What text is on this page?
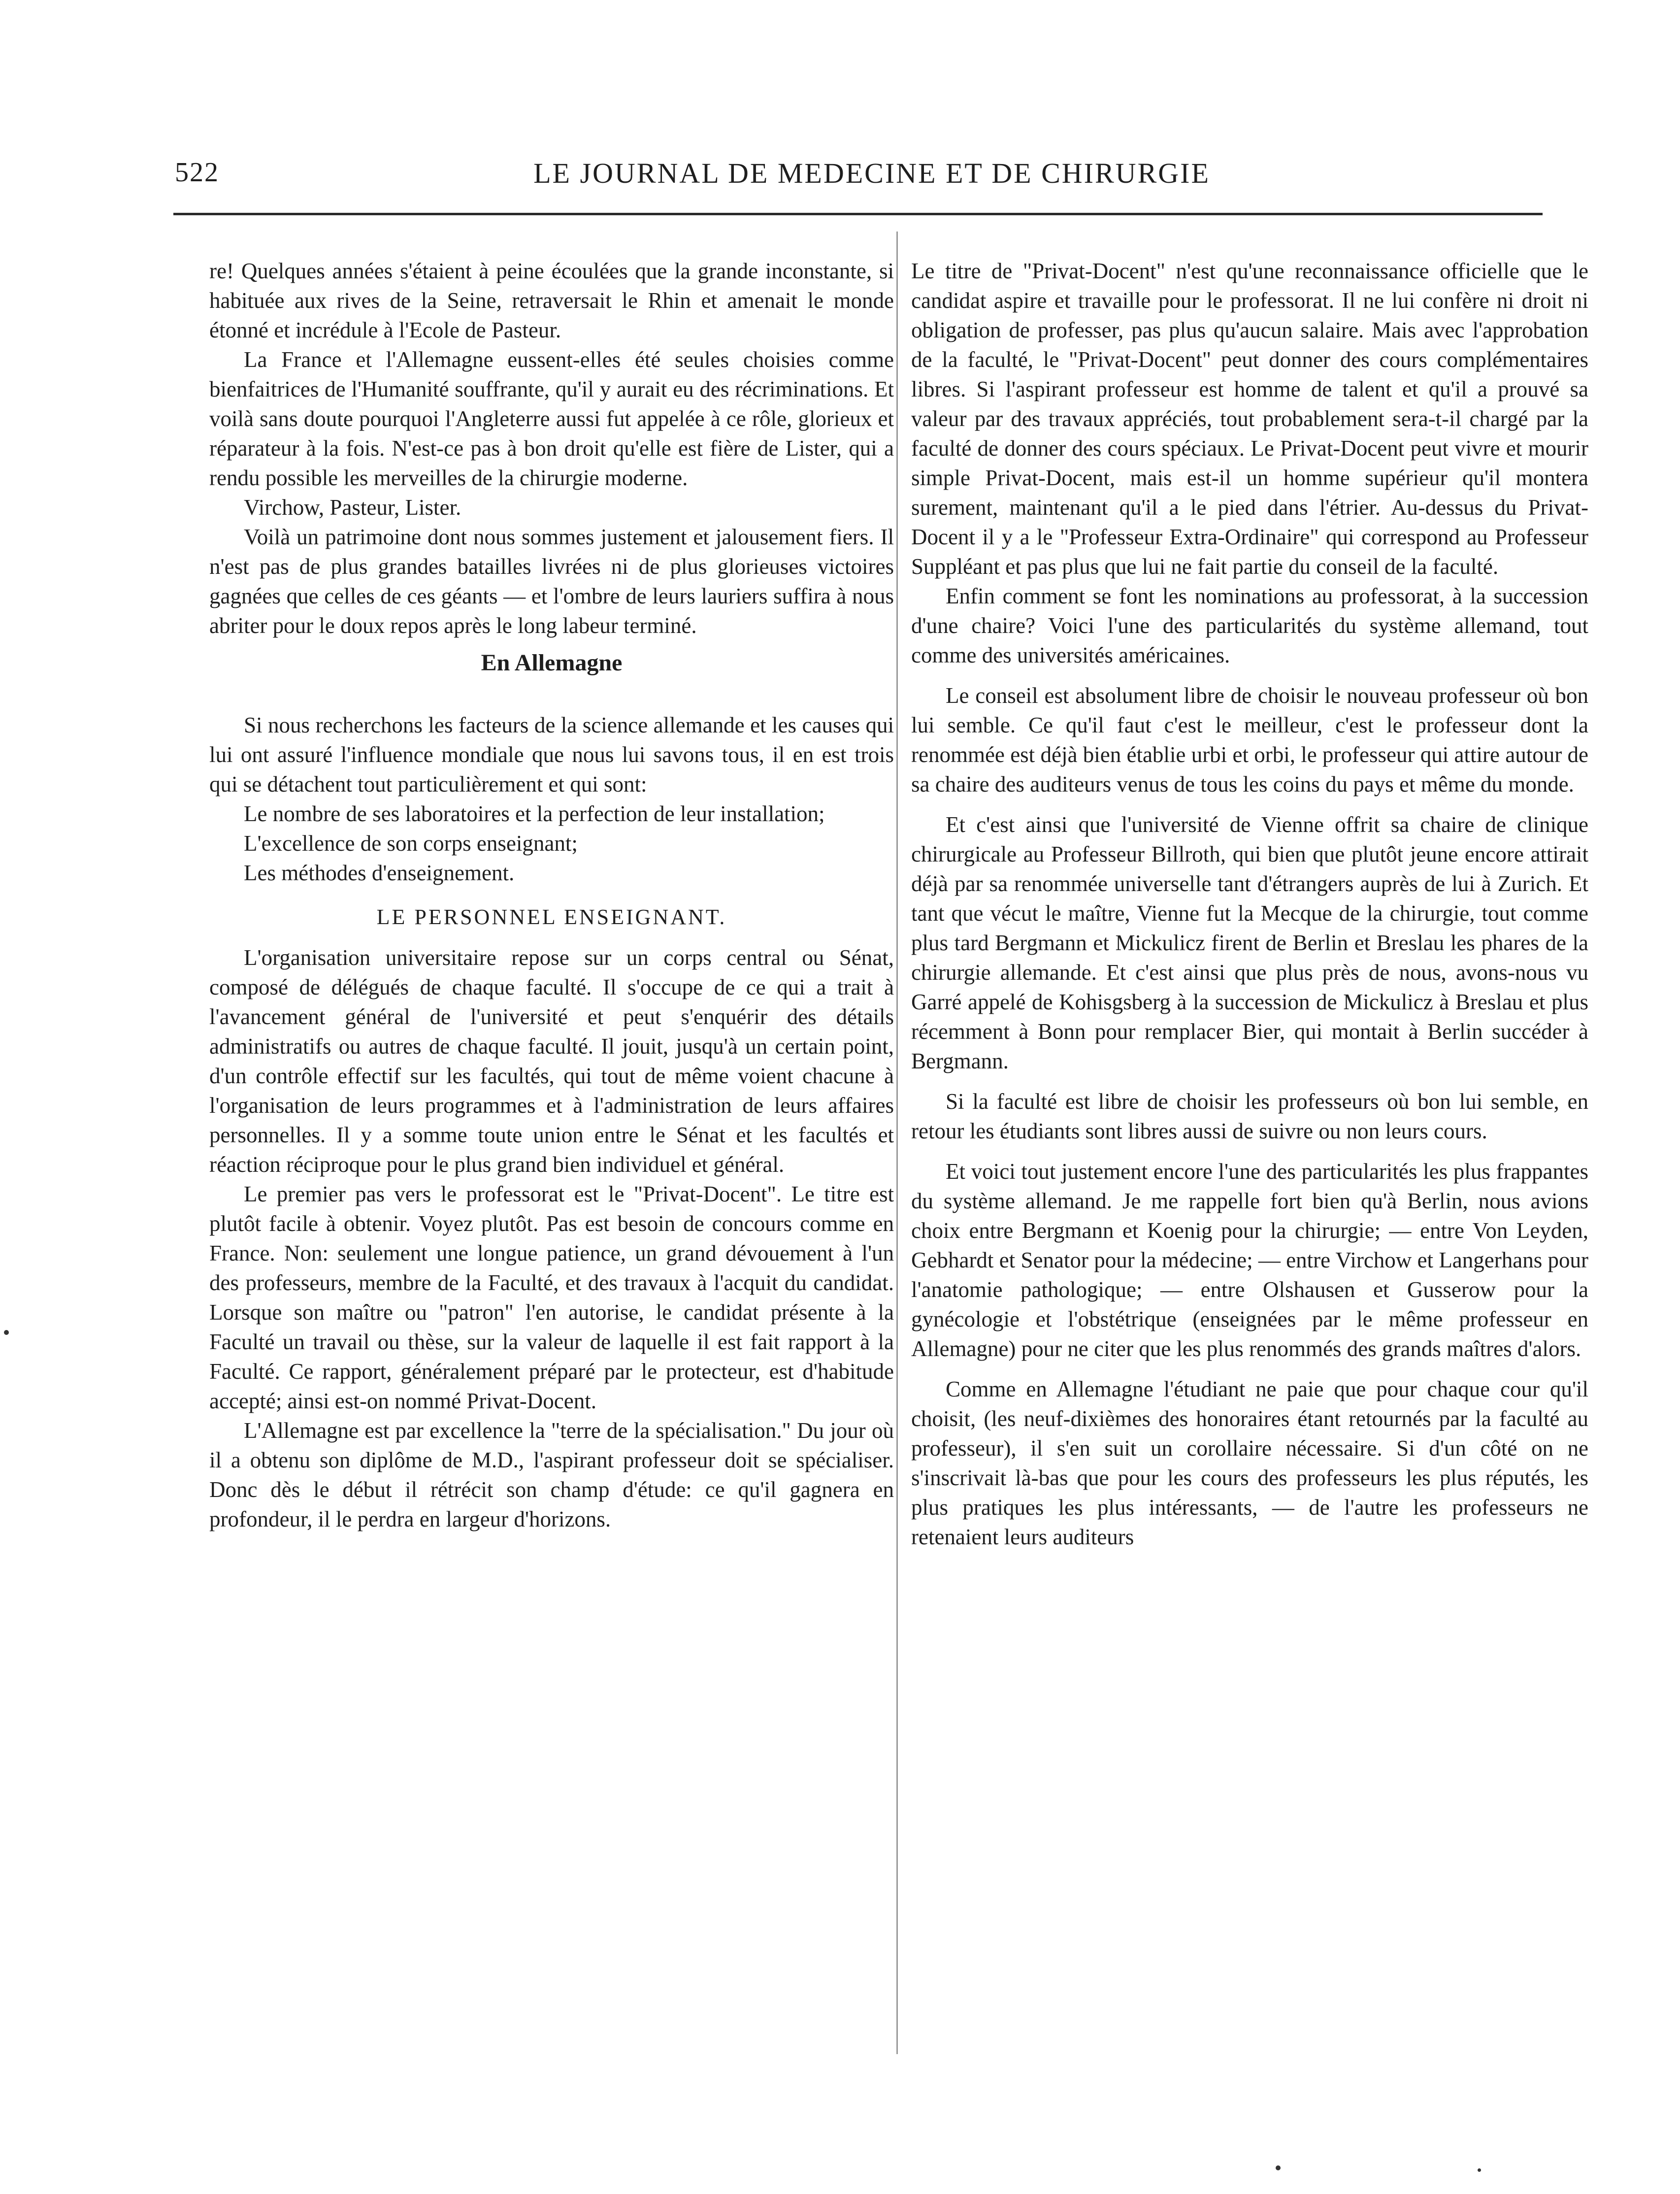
522	LE JOURNAL DE MEDECINE ET DE CHIRURGIE

re! Quelques années s'étaient à peine écoulées que la grande inconstante, si habituée aux rives de la Seine, retraversait le Rhin et amenait le monde étonné et incrédule à l'Ecole de Pasteur.

La France et l'Allemagne eussent-elles été seules choisies comme bienfaitrices de l'Humanité souffrante, qu'il y aurait eu des récriminations. Et voilà sans doute pourquoi l'Angleterre aussi fut appelée à ce rôle, glorieux et réparateur à la fois. N'est-ce pas à bon droit qu'elle est fière de Lister, qui a rendu possible les merveilles de la chirurgie moderne.

Virchow, Pasteur, Lister.

Voilà un patrimoine dont nous sommes justement et jalousement fiers. Il n'est pas de plus grandes batailles livrées ni de plus glorieuses victoires gagnées que celles de ces géants — et l'ombre de leurs lauriers suffira à nous abriter pour le doux repos après le long labeur terminé.

En Allemagne

Si nous recherchons les facteurs de la science allemande et les causes qui lui ont assuré l'influence mondiale que nous lui savons tous, il en est trois qui se détachent tout particulièrement et qui sont:

Le nombre de ses laboratoires et la perfection de leur installation;

L'excellence de son corps enseignant;

Les méthodes d'enseignement.

LE PERSONNEL ENSEIGNANT.

L'organisation universitaire repose sur un corps central ou Sénat, composé de délégués de chaque faculté. Il s'occupe de ce qui a trait à l'avancement général de l'université et peut s'enquérir des détails administratifs ou autres de chaque faculté. Il jouit, jusqu'à un certain point, d'un contrôle effectif sur les facultés, qui tout de même voient chacune à l'organisation de leurs programmes et à l'administration de leurs affaires personnelles. Il y a somme toute union entre le Sénat et les facultés et réaction réciproque pour le plus grand bien individuel et général.

Le premier pas vers le professorat est le "Privat-Docent". Le titre est plutôt facile à obtenir. Voyez plutôt. Pas est besoin de concours comme en France. Non: seulement une longue patience, un grand dévouement à l'un des professeurs, membre de la Faculté, et des travaux à l'acquit du candidat. Lorsque son maître ou "patron" l'en autorise, le candidat présente à la Faculté un travail ou thèse, sur la valeur de laquelle il est fait rapport à la Faculté. Ce rapport, généralement préparé par le protecteur, est d'habitude accepté; ainsi est-on nommé Privat-Docent.

L'Allemagne est par excellence la "terre de la spécialisation." Du jour où il a obtenu son diplôme de M.D., l'aspirant professeur doit se spécialiser. Donc dès le début il rétrécit son champ d'étude: ce qu'il gagnera en profondeur, il le perdra en largeur d'horizons.

Le titre de "Privat-Docent" n'est qu'une reconnaissance officielle que le candidat aspire et travaille pour le professorat. Il ne lui confère ni droit ni obligation de professer, pas plus qu'aucun salaire. Mais avec l'approbation de la faculté, le "Privat-Docent" peut donner des cours complémentaires libres. Si l'aspirant professeur est homme de talent et qu'il a prouvé sa valeur par des travaux appréciés, tout probablement sera-t-il chargé par la faculté de donner des cours spéciaux. Le Privat-Docent peut vivre et mourir simple Privat-Docent, mais est-il un homme supérieur qu'il montera surement, maintenant qu'il a le pied dans l'étrier. Au-dessus du Privat-Docent il y a le "Professeur Extra-Ordinaire" qui correspond au Professeur Suppléant et pas plus que lui ne fait partie du conseil de la faculté.

Enfin comment se font les nominations au professorat, à la succession d'une chaire? Voici l'une des particularités du système allemand, tout comme des universités américaines.

Le conseil est absolument libre de choisir le nouveau professeur où bon lui semble. Ce qu'il faut c'est le meilleur, c'est le professeur dont la renommée est déjà bien établie urbi et orbi, le professeur qui attire autour de sa chaire des auditeurs venus de tous les coins du pays et même du monde.

Et c'est ainsi que l'université de Vienne offrit sa chaire de clinique chirurgicale au Professeur Billroth, qui bien que plutôt jeune encore attirait déjà par sa renommée universelle tant d'étrangers auprès de lui à Zurich. Et tant que vécut le maître, Vienne fut la Mecque de la chirurgie, tout comme plus tard Bergmann et Mickulicz firent de Berlin et Breslau les phares de la chirurgie allemande. Et c'est ainsi que plus près de nous, avons-nous vu Garré appelé de Kohisgsberg à la succession de Mickulicz à Breslau et plus récemment à Bonn pour remplacer Bier, qui montait à Berlin succéder à Bergmann.

Si la faculté est libre de choisir les professeurs où bon lui semble, en retour les étudiants sont libres aussi de suivre ou non leurs cours.

Et voici tout justement encore l'une des particularités les plus frappantes du système allemand. Je me rappelle fort bien qu'à Berlin, nous avions choix entre Bergmann et Koenig pour la chirurgie; — entre Von Leyden, Gebhardt et Senator pour la médecine; — entre Virchow et Langerhans pour l'anatomie pathologique; — entre Olshausen et Gusserow pour la gynécologie et l'obstétrique (enseignées par le même professeur en Allemagne) pour ne citer que les plus renommés des grands maîtres d'alors.

Comme en Allemagne l'étudiant ne paie que pour chaque cour qu'il choisit, (les neuf-dixièmes des honoraires étant retournés par la faculté au professeur), il s'en suit un corollaire nécessaire. Si d'un côté on ne s'inscrivait là-bas que pour les cours des professeurs les plus réputés, les plus pratiques les plus intéressants, — de l'autre les professeurs ne retenaient leurs auditeurs
